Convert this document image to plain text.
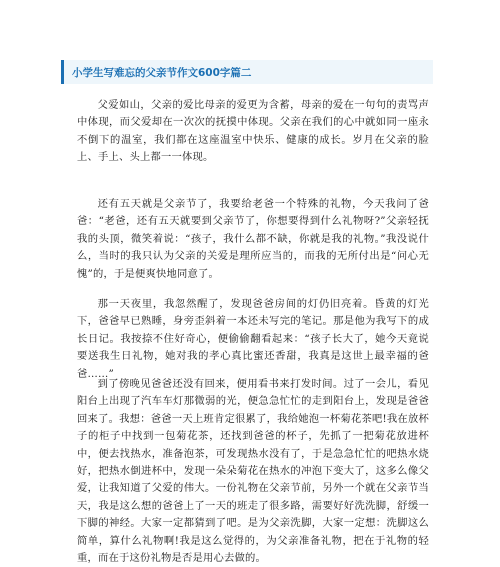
小学生写难忘的父亲节作文600字篇二

父爱如山，父亲的爱比母亲的爱更为含蓄，母亲的爱在一句句的责骂声中体现，而父爱却在一次次的抚摸中体现。父亲在我们的心中就如同一座永不倒下的温室，我们都在这座温室中快乐、健康的成长。岁月在父亲的脸上、手上、头上都一一体现。

还有五天就是父亲节了，我要给老爸一个特殊的礼物，今天我问了爸爸：“老爸，还有五天就要到父亲节了，你想要得到什么礼物呀?”父亲轻抚我的头顶，微笑着说：“孩子，我什么都不缺，你就是我的礼物。”我没说什么，当时的我只认为父亲的关爱是理所应当的，而我的无所付出是“问心无愧”的，于是便爽快地同意了。

那一天夜里，我忽然醒了，发现爸爸房间的灯仍旧亮着。昏黄的灯光下，爸爸早已熟睡，身旁歪斜着一本还未写完的笔记。那是他为我写下的成长日记。我按捺不住好奇心，便偷偷翻看起来：“孩子长大了，她今天竟说要送我生日礼物，她对我的孝心真比蜜还香甜，我真是这世上最幸福的爸爸……”

到了傍晚见爸爸还没有回来，便用看书来打发时间。过了一会儿，看见阳台上出现了汽车车灯那微弱的光，便急急忙忙的走到阳台上，发现是爸爸回来了。我想：爸爸一天上班肯定很累了，我给她泡一杯菊花茶吧!我在放杯子的柜子中找到一包菊花茶，还找到爸爸的杯子，先抓了一把菊花放进杯中，便去找热水，准备泡茶，可发现热水没有了，于是急急忙忙的吧热水烧好，把热水倒进杯中，发现一朵朵菊花在热水的冲泡下变大了，这多么像父爱，让我知道了父爱的伟大。一份礼物在父亲节前，另外一个就在父亲节当天，我是这么想的爸爸上了一天的班走了很多路，需要好好洗洗脚，舒缓一下脚的神经。大家一定都猜到了吧。是为父亲洗脚，大家一定想：洗脚这么简单，算什么礼物啊!我是这么觉得的，为父亲准备礼物，把在于礼物的轻重，而在于这份礼物是否是用心去做的。
